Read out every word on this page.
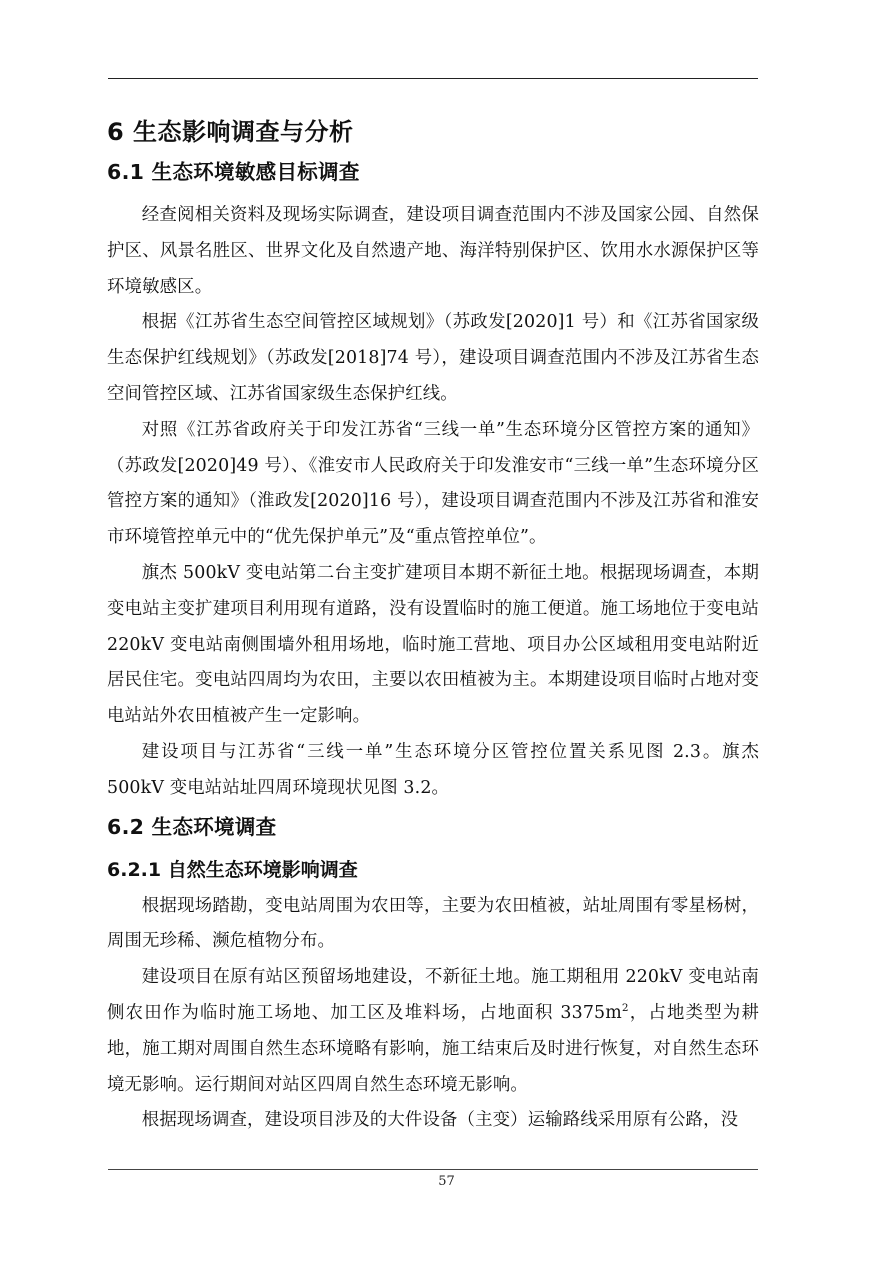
6 生态影响调查与分析
6.1 生态环境敏感目标调查

经查阅相关资料及现场实际调查，建设项目调查范围内不涉及国家公园、自然保护区、风景名胜区、世界文化及自然遗产地、海洋特别保护区、饮用水水源保护区等环境敏感区。

根据《江苏省生态空间管控区域规划》（苏政发[2020]1 号）和《江苏省国家级生态保护红线规划》（苏政发[2018]74 号），建设项目调查范围内不涉及江苏省生态空间管控区域、江苏省国家级生态保护红线。

对照《江苏省政府关于印发江苏省“三线一单”生态环境分区管控方案的通知》（苏政发[2020]49 号）、《淮安市人民政府关于印发淮安市“三线一单”生态环境分区管控方案的通知》（淮政发[2020]16 号），建设项目调查范围内不涉及江苏省和淮安市环境管控单元中的“优先保护单元”及“重点管控单位”。

旗杰 500kV 变电站第二台主变扩建项目本期不新征土地。根据现场调查，本期变电站主变扩建项目利用现有道路，没有设置临时的施工便道。施工场地位于变电站 220kV 变电站南侧围墙外租用场地，临时施工营地、项目办公区域租用变电站附近居民住宅。变电站四周均为农田，主要以农田植被为主。本期建设项目临时占地对变电站站外农田植被产生一定影响。

建设项目与江苏省“三线一单”生态环境分区管控位置关系见图 2.3。旗杰 500kV 变电站站址四周环境现状见图 3.2。

6.2 生态环境调查
6.2.1 自然生态环境影响调查

根据现场踏勘，变电站周围为农田等，主要为农田植被，站址周围有零星杨树，周围无珍稀、濒危植物分布。

建设项目在原有站区预留场地建设，不新征土地。施工期租用 220kV 变电站南侧农田作为临时施工场地、加工区及堆料场，占地面积 $3375m^2$，占地类型为耕地，施工期对周围自然生态环境略有影响，施工结束后及时进行恢复，对自然生态环境无影响。运行期间对站区四周自然生态环境无影响。

根据现场调查，建设项目涉及的大件设备（主变）运输路线采用原有公路，没

57
